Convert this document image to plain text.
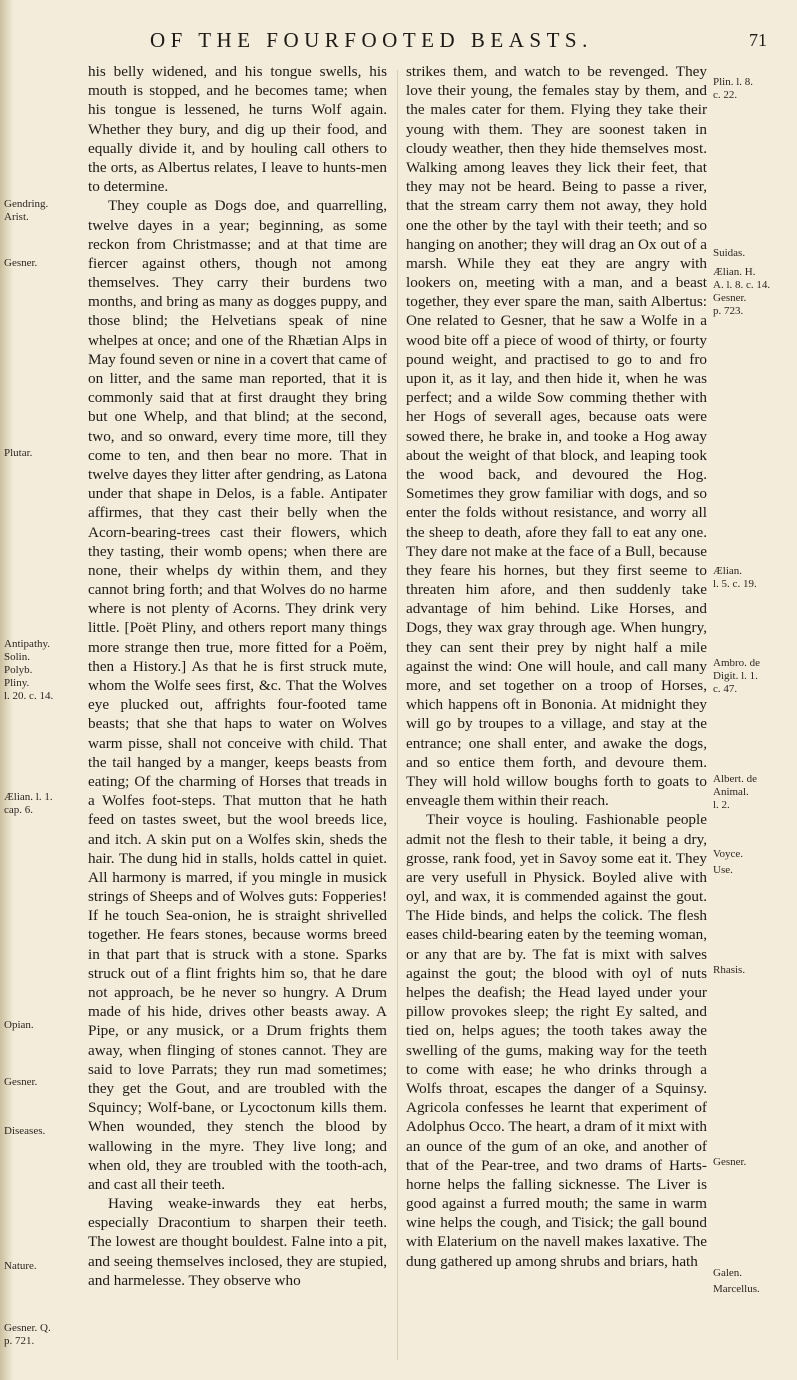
OF THE FOURFOOTED BEASTS.	71

his belly widened, and his tongue swells, his mouth is stopped, and he becomes tame; when his tongue is lessened, he turns Wolf again. Whether they bury, and dig up their food, and equally divide it, and by houling call others to the orts, as Albertus relates, I leave to hunts-men to determine.

They couple as Dogs doe, and quarrelling, twelve dayes in a year; beginning, as some reckon from Christmasse; and at that time are fiercer against others, though not among themselves. They carry their burdens two months, and bring as many as dogges puppy, and those blind; the Helvetians speak of nine whelpes at once; and one of the Rhætian Alps in May found seven or nine in a covert that came of on litter, and the same man reported, that it is commonly said that at first draught they bring but one Whelp, and that blind; at the second, two, and so onward, every time more, till they come to ten, and then bear no more. That in twelve dayes they litter after gendring, as Latona under that shape in Delos, is a fable. Antipater affirmes, that they cast their belly when the Acorn-bearing-trees cast their flowers, which they tasting, their womb opens; when there are none, their whelps dy within them, and they cannot bring forth; and that Wolves do no harme where is not plenty of Acorns. They drink very little. [Poët Pliny, and others report many things more strange then true, more fitted for a Poëm, then a History.] As that he is first struck mute, whom the Wolfe sees first, &c. That the Wolves eye plucked out, affrights four-footed tame beasts; that she that haps to water on Wolves warm pisse, shall not conceive with child. That the tail hanged by a manger, keeps beasts from eating; Of the charming of Horses that treads in a Wolfes foot-steps. That mutton that he hath feed on tastes sweet, but the wool breeds lice, and itch. A skin put on a Wolfes skin, sheds the hair. The dung hid in stalls, holds cattel in quiet. All harmony is marred, if you mingle in musick strings of Sheeps and of Wolves guts: Fopperies! If he touch Sea-onion, he is straight shrivelled together. He fears stones, because worms breed in that part that is struck with a stone. Sparks struck out of a flint frights him so, that he dare not approach, be he never so hungry. A Drum made of his hide, drives other beasts away. A Pipe, or any musick, or a Drum frights them away, when flinging of stones cannot. They are said to love Parrats; they run mad sometimes; they get the Gout, and are troubled with the Squincy; Wolf-bane, or Lycoctonum kills them. When wounded, they stench the blood by wallowing in the myre. They live long; and when old, they are troubled with the tooth-ach, and cast all their teeth.

Having weake-inwards they eat herbs, especially Dracontium to sharpen their teeth. The lowest are thought bouldest. Falne into a pit, and seeing themselves inclosed, they are stupied, and harmelesse. They observe who

strikes them, and watch to be revenged. They love their young, the females stay by them, and the males cater for them. Flying they take their young with them. They are soonest taken in cloudy weather, then they hide themselves most. Walking among leaves they lick their feet, that they may not be heard. Being to passe a river, that the stream carry them not away, they hold one the other by the tayl with their teeth; and so hanging on another; they will drag an Ox out of a marsh. While they eat they are angry with lookers on, meeting with a man, and a beast together, they ever spare the man, saith Albertus: One related to Gesner, that he saw a Wolfe in a wood bite off a piece of wood of thirty, or fourty pound weight, and practised to go to and fro upon it, as it lay, and then hide it, when he was perfect; and a wilde Sow comming thether with her Hogs of severall ages, because oats were sowed there, he brake in, and tooke a Hog away about the weight of that block, and leaping took the wood back, and devoured the Hog. Sometimes they grow familiar with dogs, and so enter the folds without resistance, and worry all the sheep to death, afore they fall to eat any one. They dare not make at the face of a Bull, because they feare his hornes, but they first seeme to threaten him afore, and then suddenly take advantage of him behind. Like Horses, and Dogs, they wax gray through age. When hungry, they can sent their prey by night half a mile against the wind: One will houle, and call many more, and set together on a troop of Horses, which happens oft in Bononia. At midnight they will go by troupes to a village, and stay at the entrance; one shall enter, and awake the dogs, and so entice them forth, and devoure them. They will hold willow boughs forth to goats to enveagle them within their reach.

Their voyce is houling. Fashionable people admit not the flesh to their table, it being a dry, grosse, rank food, yet in Savoy some eat it. They are very usefull in Physick. Boyled alive with oyl, and wax, it is commended against the gout. The Hide binds, and helps the colick. The flesh eases child-bearing eaten by the teeming woman, or any that are by. The fat is mixt with salves against the gout; the blood with oyl of nuts helpes the deafish; the Head layed under your pillow provokes sleep; the right Ey salted, and tied on, helps agues; the tooth takes away the swelling of the gums, making way for the teeth to come with ease; he who drinks through a Wolfs throat, escapes the danger of a Squinsy. Agricola confesses he learnt that experiment of Adolphus Occo. The heart, a dram of it mixt with an ounce of the gum of an oke, and another of that of the Pear-tree, and two drams of Harts-horne helps the falling sicknesse. The Liver is good against a furred mouth; the same in warm wine helps the cough, and Tisick; the gall bound with Elaterium on the navell makes laxative. The dung gathered up among shrubs and briars, hath

Gendring.
Arist.
Gesner.
Plutar.
Antipathy.
Solin.
Polyb.
Pliny.
l. 20. c. 14.
Ælian. l. 1.
cap. 6.
Opian.
Gesner.
Diseases.
Nature.
Gesner. Q.
p. 721.
Plin. l. 8.
c. 22.
Suidas.
Ælian. H.
A. l. 8. c. 14.
Gesner.
p. 723.
Ælian.
l. 5. c. 19.
Ambro. de
Digit. l. 1.
c. 47.
Albert. de
Animal.
l. 2.
Voyce.
Use.
Rhasis.
Gesner.
Galen.
Marcellus.
